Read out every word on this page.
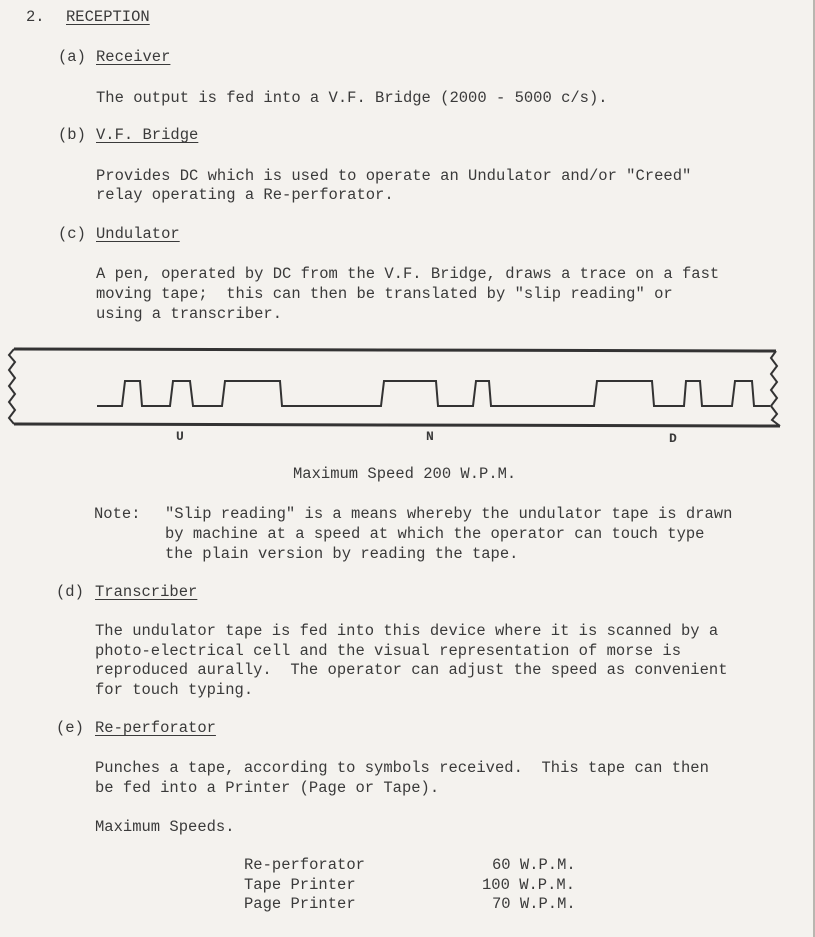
2. RECEPTION
(a) Receiver
The output is fed into a V.F. Bridge (2000 - 5000 c/s).
(b) V.F. Bridge
Provides DC which is used to operate an Undulator and/or "Creed"
relay operating a Re-perforator.
(c) Undulator
A pen, operated by DC from the V.F. Bridge, draws a trace on a fast
moving tape;  this can then be translated by "slip reading" or
using a transcriber.
U	N	D
Maximum Speed 200 W.P.M.
Note: "Slip reading" is a means whereby the undulator tape is drawn
by machine at a speed at which the operator can touch type
the plain version by reading the tape.
(d) Transcriber
The undulator tape is fed into this device where it is scanned by a
photo-electrical cell and the visual representation of morse is
reproduced aurally.  The operator can adjust the speed as convenient
for touch typing.
(e) Re-perforator
Punches a tape, according to symbols received.  This tape can then
be fed into a Printer (Page or Tape).
Maximum Speeds.
Re-perforator	60 W.P.M.
Tape Printer	100 W.P.M.
Page Printer	70 W.P.M.
